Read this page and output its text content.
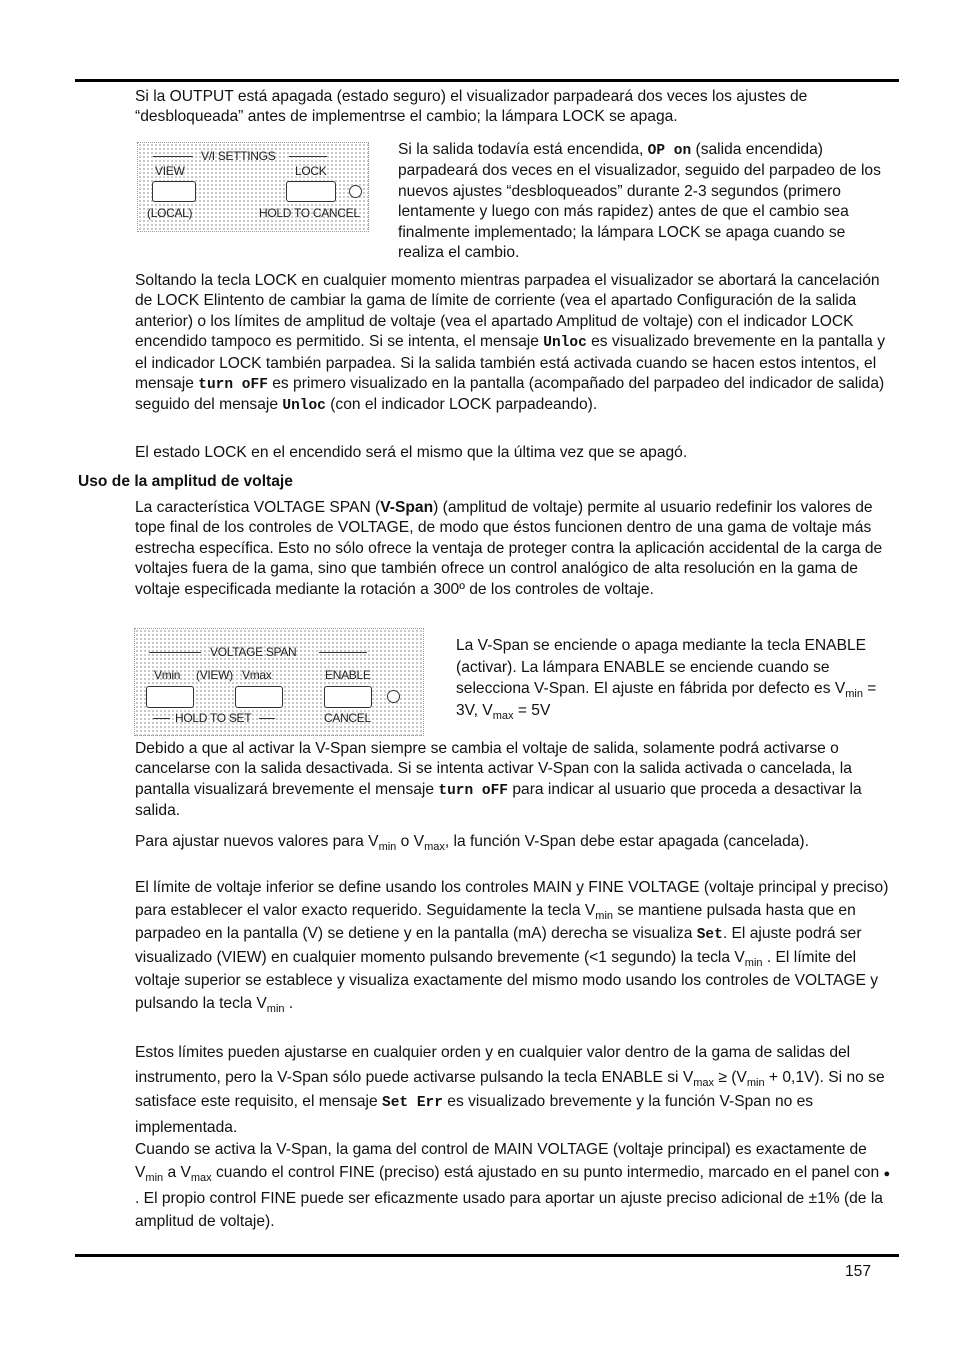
Si la OUTPUT está apagada (estado seguro) el visualizador parpadeará dos veces los ajustes de “desbloqueada” antes de implementrse el cambio; la lámpara LOCK se apaga.

V/I SETTINGS
VIEW	LOCK
(LOCAL)	HOLD TO CANCEL

Si la salida todavía está encendida, OP on (salida encendida) parpadeará dos veces en el visualizador, seguido del parpadeo de los nuevos ajustes “desbloqueados” durante 2-3 segundos (primero lentamente y luego con más rapidez) antes de que el cambio sea finalmente implementado; la lámpara LOCK se apaga cuando se realiza el cambio.

Soltando la tecla LOCK en cualquier momento mientras parpadea el visualizador se abortará la cancelación de LOCK Elintento de cambiar la gama de límite de corriente (vea el apartado Configuración de la salida anterior) o los límites de amplitud de voltaje (vea el apartado Amplitud de voltaje) con el indicador LOCK encendido tampoco es permitido. Si se intenta, el mensaje Unloc es visualizado brevemente en la pantalla y el indicador LOCK también parpadea. Si la salida también está activada cuando se hacen estos intentos, el mensaje turn oFF es primero visualizado en la pantalla (acompañado del parpadeo del indicador de salida) seguido del mensaje Unloc (con el indicador LOCK parpadeando).

El estado LOCK en el encendido será el mismo que la última vez que se apagó.

Uso de la amplitud de voltaje

La característica VOLTAGE SPAN (V-Span) (amplitud de voltaje) permite al usuario redefinir los valores de tope final de los controles de VOLTAGE, de modo que éstos funcionen dentro de una gama de voltaje más estrecha específica. Esto no sólo ofrece la ventaja de proteger contra la aplicación accidental de la carga de voltajes fuera de la gama, sino que también ofrece un control analógico de alta resolución en la gama de voltaje especificada mediante la rotación a 300º de los controles de voltaje.

VOLTAGE SPAN
Vmin (VIEW) Vmax	ENABLE
HOLD TO SET	CANCEL

La V-Span se enciende o apaga mediante la tecla ENABLE (activar). La lámpara ENABLE se enciende cuando se selecciona V-Span. El ajuste en fábrida por defecto es $V_{min} = 3V$, $V_{max} = 5V$

Debido a que al activar la V-Span siempre se cambia el voltaje de salida, solamente podrá activarse o cancelarse con la salida desactivada. Si se intenta activar V-Span con la salida activada o cancelada, la pantalla visualizará brevemente el mensaje turn oFF para indicar al usuario que proceda a desactivar la salida.

Para ajustar nuevos valores para $V_{min}$ o $V_{max}$, la función V-Span debe estar apagada (cancelada).

El límite de voltaje inferior se define usando los controles MAIN y FINE VOLTAGE (voltaje principal y preciso) para establecer el valor exacto requerido. Seguidamente la tecla $V_{min}$ se mantiene pulsada hasta que en parpadeo en la pantalla (V) se detiene y en la pantalla (mA) derecha se visualiza Set. El ajuste podrá ser visualizado (VIEW) en cualquier momento pulsando brevemente (<1 segundo) la tecla $V_{min}$ . El límite del voltaje superior se establece y visualiza exactamente del mismo modo usando los controles de VOLTAGE y pulsando la tecla $V_{min}$ .

Estos límites pueden ajustarse en cualquier orden y en cualquier valor dentro de la gama de salidas del instrumento, pero la V-Span sólo puede activarse pulsando la tecla ENABLE si $V_{max} \ge (V_{min} + 0,1V)$. Si no se satisface este requisito, el mensaje Set Err es visualizado brevemente y la función V-Span no es implementada.

Cuando se activa la V-Span, la gama del control de MAIN VOLTAGE (voltaje principal) es exactamente de $V_{min}$ a $V_{max}$ cuando el control FINE (preciso) está ajustado en su punto intermedio, marcado en el panel con ● . El propio control FINE puede ser eficazmente usado para aportar un ajuste preciso adicional de ±1% (de la amplitud de voltaje).

157
